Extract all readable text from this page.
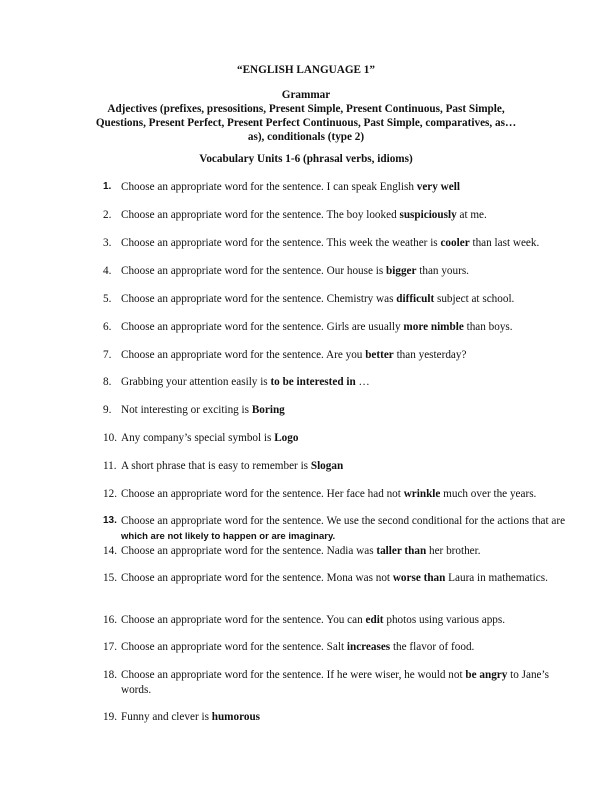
“ENGLISH LANGUAGE 1”
Grammar
Adjectives (prefixes, presositions, Present Simple, Present Continuous, Past Simple,
Questions, Present Perfect, Present Perfect Continuous, Past Simple, comparatives, as…
as), conditionals (type 2)
Vocabulary Units 1-6 (phrasal verbs, idioms)
1. Choose an appropriate word for the sentence. I can speak English very well
2. Choose an appropriate word for the sentence. The boy looked suspiciously at me.
3. Choose an appropriate word for the sentence. This week the weather is cooler than last week.
4. Choose an appropriate word for the sentence. Our house is bigger than yours.
5. Choose an appropriate word for the sentence. Chemistry was difficult subject at school.
6. Choose an appropriate word for the sentence. Girls are usually more nimble than boys.
7. Choose an appropriate word for the sentence. Are you better than yesterday?
8. Grabbing your attention easily is to be interested in …
9. Not interesting or exciting is Boring
10. Any company’s special symbol is Logo
11. A short phrase that is easy to remember is Slogan
12. Choose an appropriate word for the sentence. Her face had not wrinkle much over the years.
13. Choose an appropriate word for the sentence. We use the second conditional for the actions that are which are not likely to happen or are imaginary.
14. Choose an appropriate word for the sentence. Nadia was taller than her brother.
15. Choose an appropriate word for the sentence. Mona was not worse than Laura in mathematics.
16. Choose an appropriate word for the sentence. You can edit photos using various apps.
17. Choose an appropriate word for the sentence. Salt increases the flavor of food.
18. Choose an appropriate word for the sentence. If he were wiser, he would not be angry to Jane’s words.
19. Funny and clever is humorous
